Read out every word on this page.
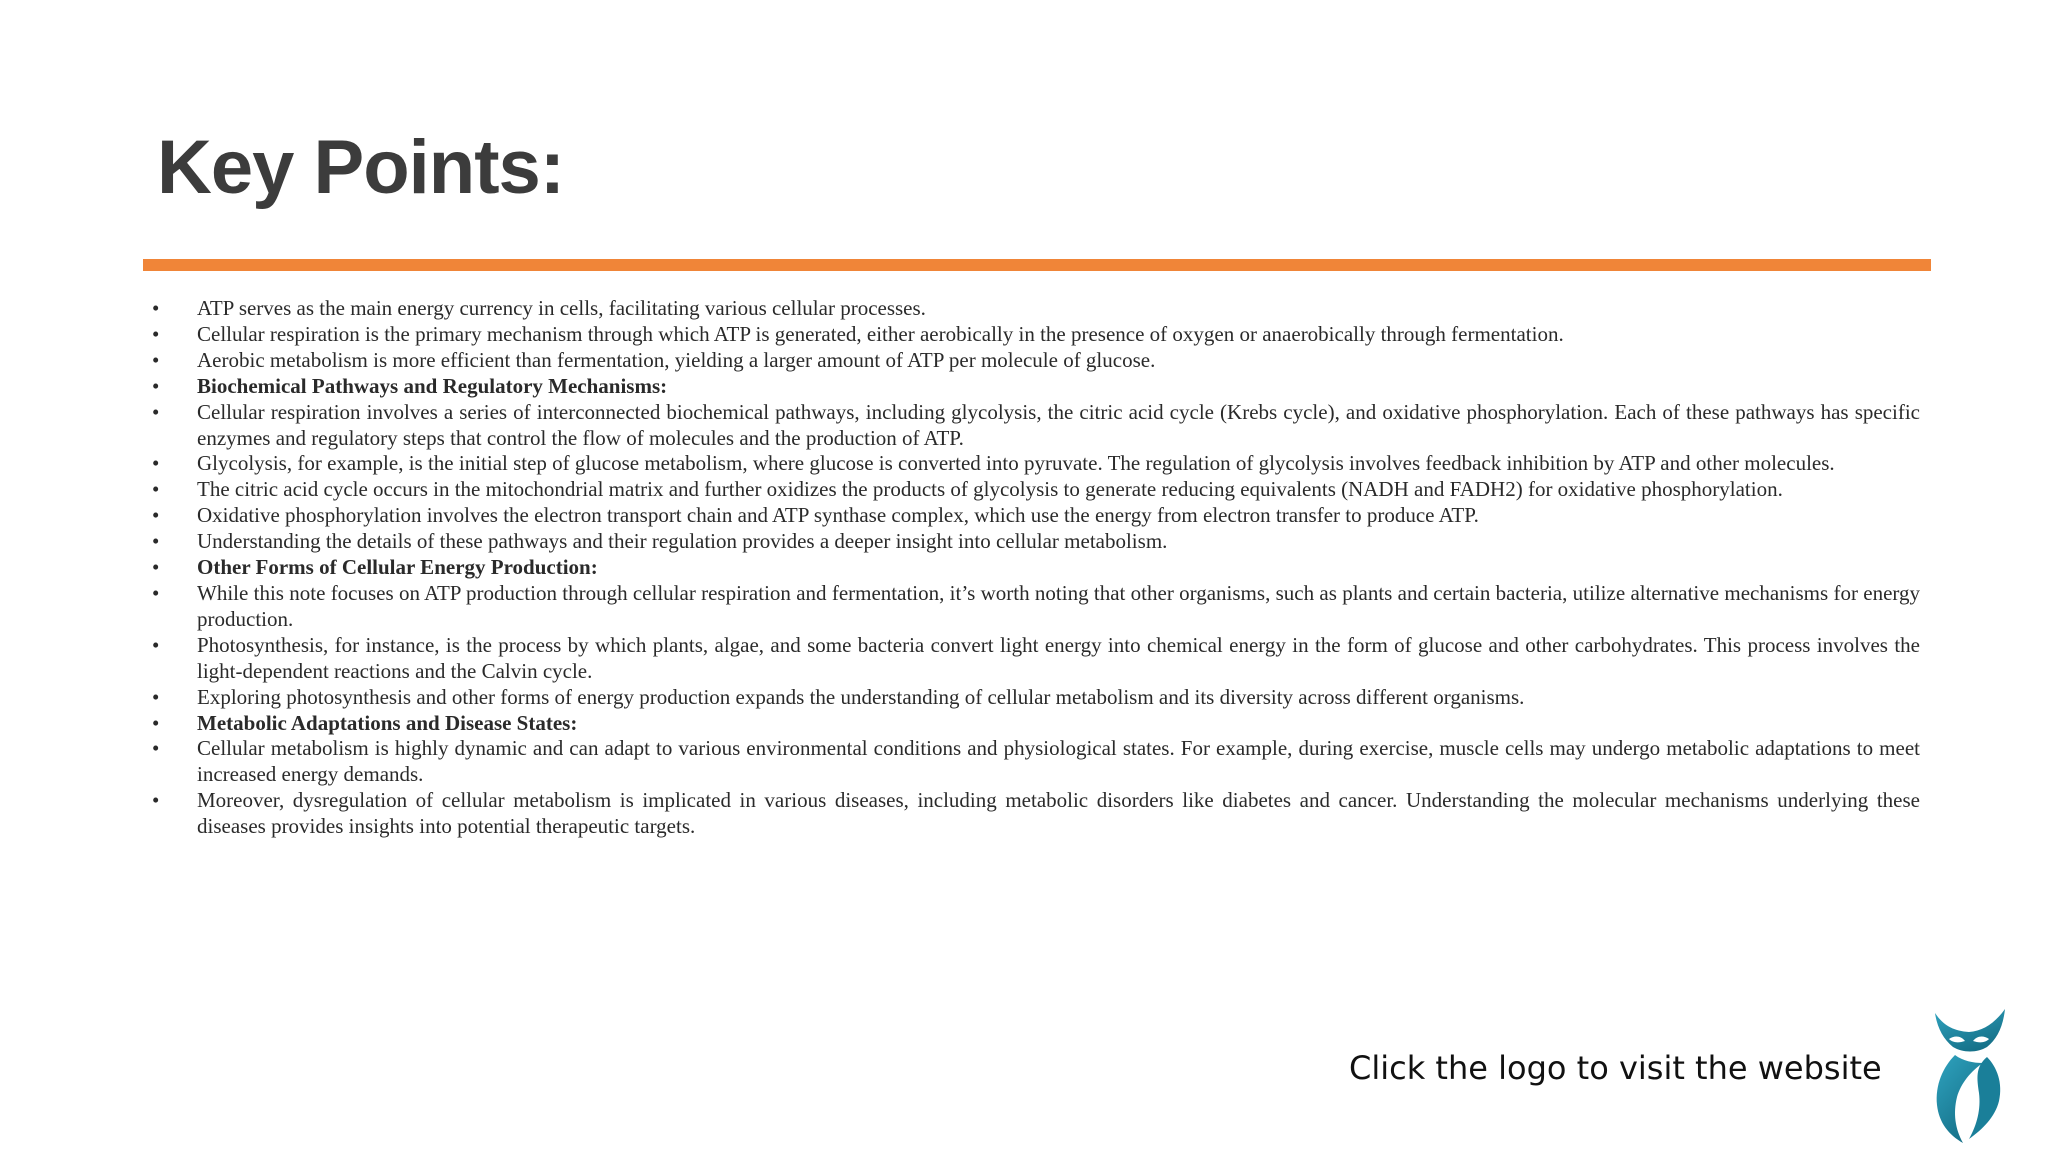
Key Points:
•	ATP serves as the main energy currency in cells, facilitating various cellular processes.
•	Cellular respiration is the primary mechanism through which ATP is generated, either aerobically in the presence of oxygen or anaerobically through fermentation.
•	Aerobic metabolism is more efficient than fermentation, yielding a larger amount of ATP per molecule of glucose.
•	Biochemical Pathways and Regulatory Mechanisms:
•	Cellular respiration involves a series of interconnected biochemical pathways, including glycolysis, the citric acid cycle (Krebs cycle), and oxidative phosphorylation. Each of these pathways has specific enzymes and regulatory steps that control the flow of molecules and the production of ATP.
•	Glycolysis, for example, is the initial step of glucose metabolism, where glucose is converted into pyruvate. The regulation of glycolysis involves feedback inhibition by ATP and other molecules.
•	The citric acid cycle occurs in the mitochondrial matrix and further oxidizes the products of glycolysis to generate reducing equivalents (NADH and FADH2) for oxidative phosphorylation.
•	Oxidative phosphorylation involves the electron transport chain and ATP synthase complex, which use the energy from electron transfer to produce ATP.
•	Understanding the details of these pathways and their regulation provides a deeper insight into cellular metabolism.
•	Other Forms of Cellular Energy Production:
•	While this note focuses on ATP production through cellular respiration and fermentation, it’s worth noting that other organisms, such as plants and certain bacteria, utilize alternative mechanisms for energy production.
•	Photosynthesis, for instance, is the process by which plants, algae, and some bacteria convert light energy into chemical energy in the form of glucose and other carbohydrates. This process involves the light-dependent reactions and the Calvin cycle.
•	Exploring photosynthesis and other forms of energy production expands the understanding of cellular metabolism and its diversity across different organisms.
•	Metabolic Adaptations and Disease States:
•	Cellular metabolism is highly dynamic and can adapt to various environmental conditions and physiological states. For example, during exercise, muscle cells may undergo metabolic adaptations to meet increased energy demands.
•	Moreover, dysregulation of cellular metabolism is implicated in various diseases, including metabolic disorders like diabetes and cancer. Understanding the molecular mechanisms underlying these diseases provides insights into potential therapeutic targets.
Click the logo to visit the website
